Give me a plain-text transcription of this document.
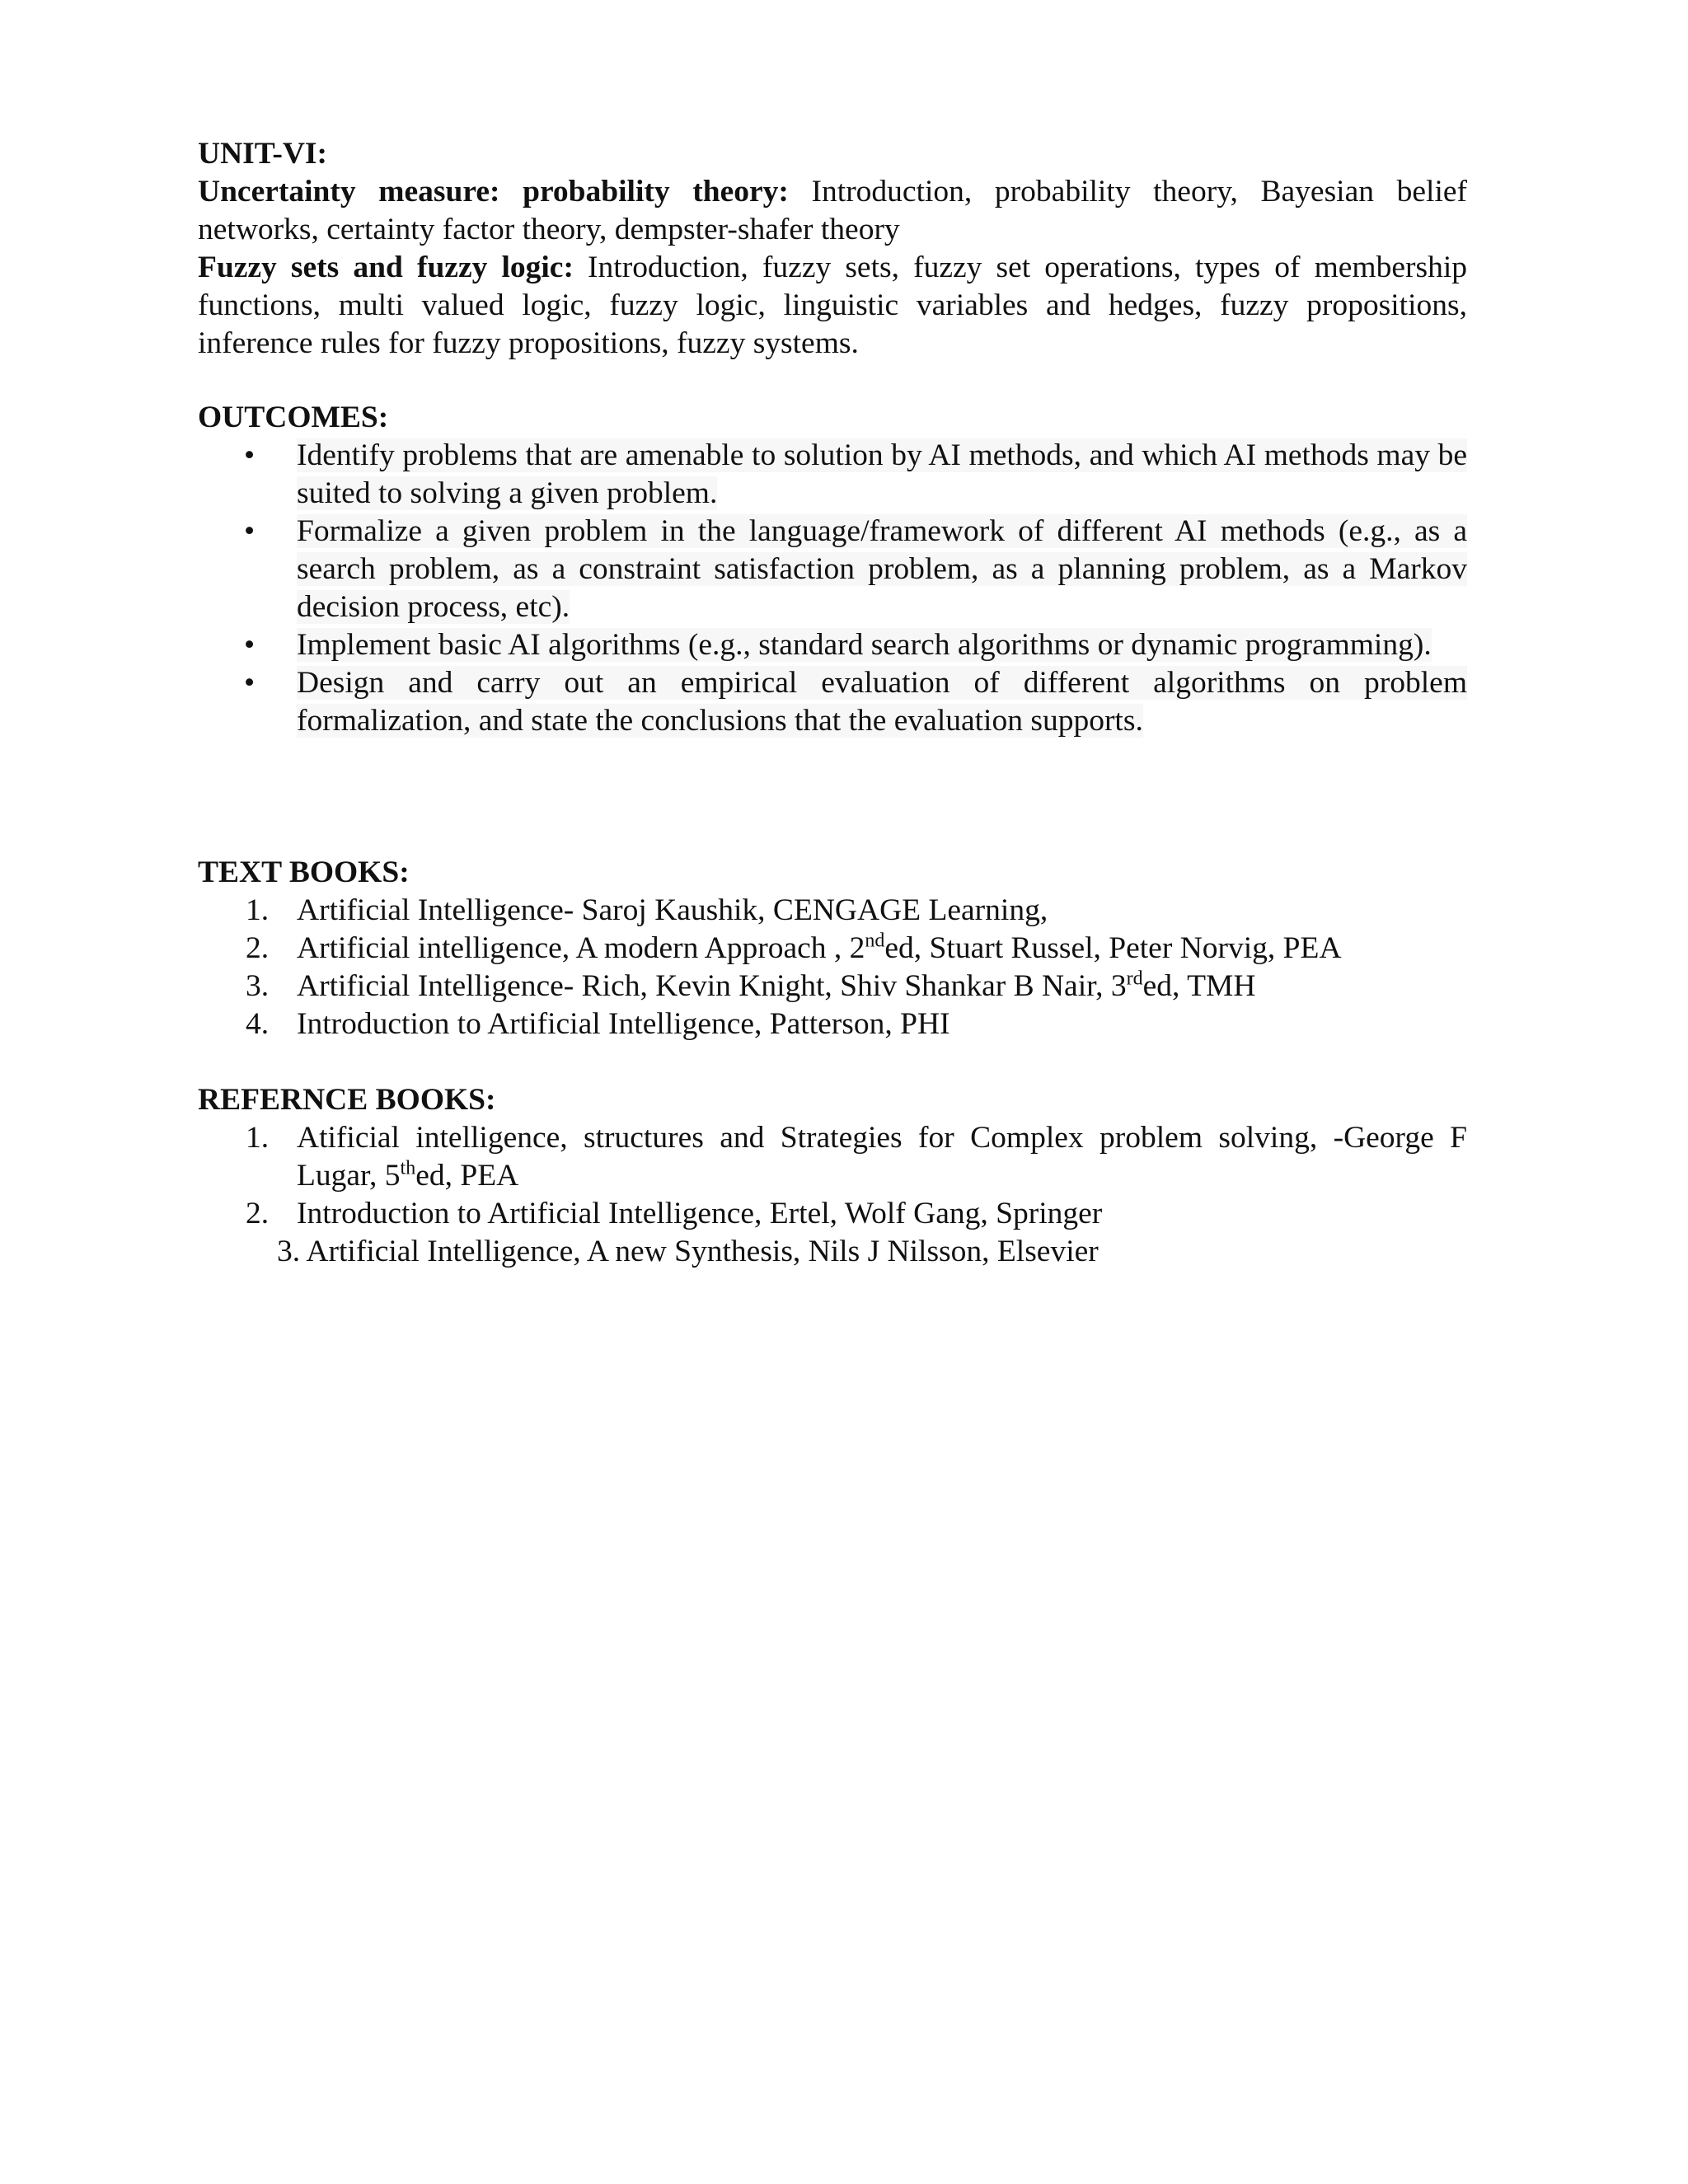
UNIT-VI:

Uncertainty measure: probability theory: Introduction, probability theory, Bayesian belief networks, certainty factor theory, dempster-shafer theory

Fuzzy sets and fuzzy logic: Introduction, fuzzy sets, fuzzy set operations, types of membership functions, multi valued logic, fuzzy logic, linguistic variables and hedges, fuzzy propositions, inference rules for fuzzy propositions, fuzzy systems.

OUTCOMES:
•	Identify problems that are amenable to solution by AI methods, and which AI methods may be suited to solving a given problem.
•	Formalize a given problem in the language/framework of different AI methods (e.g., as a search problem, as a constraint satisfaction problem, as a planning problem, as a Markov decision process, etc).
•	Implement basic AI algorithms (e.g., standard search algorithms or dynamic programming).
•	Design and carry out an empirical evaluation of different algorithms on problem formalization, and state the conclusions that the evaluation supports.
TEXT BOOKS:
1. Artificial Intelligence- Saroj Kaushik, CENGAGE Learning,
2. Artificial intelligence, A modern Approach , 2nded, Stuart Russel, Peter Norvig, PEA
3. Artificial Intelligence- Rich, Kevin Knight, Shiv Shankar B Nair, 3rded, TMH
4. Introduction to Artificial Intelligence, Patterson, PHI
REFERNCE BOOKS:
1. Atificial intelligence, structures and Strategies for Complex problem solving, -George F Lugar, 5thed, PEA
2. Introduction to Artificial Intelligence, Ertel, Wolf Gang, Springer
3. Artificial Intelligence, A new Synthesis, Nils J Nilsson, Elsevier
